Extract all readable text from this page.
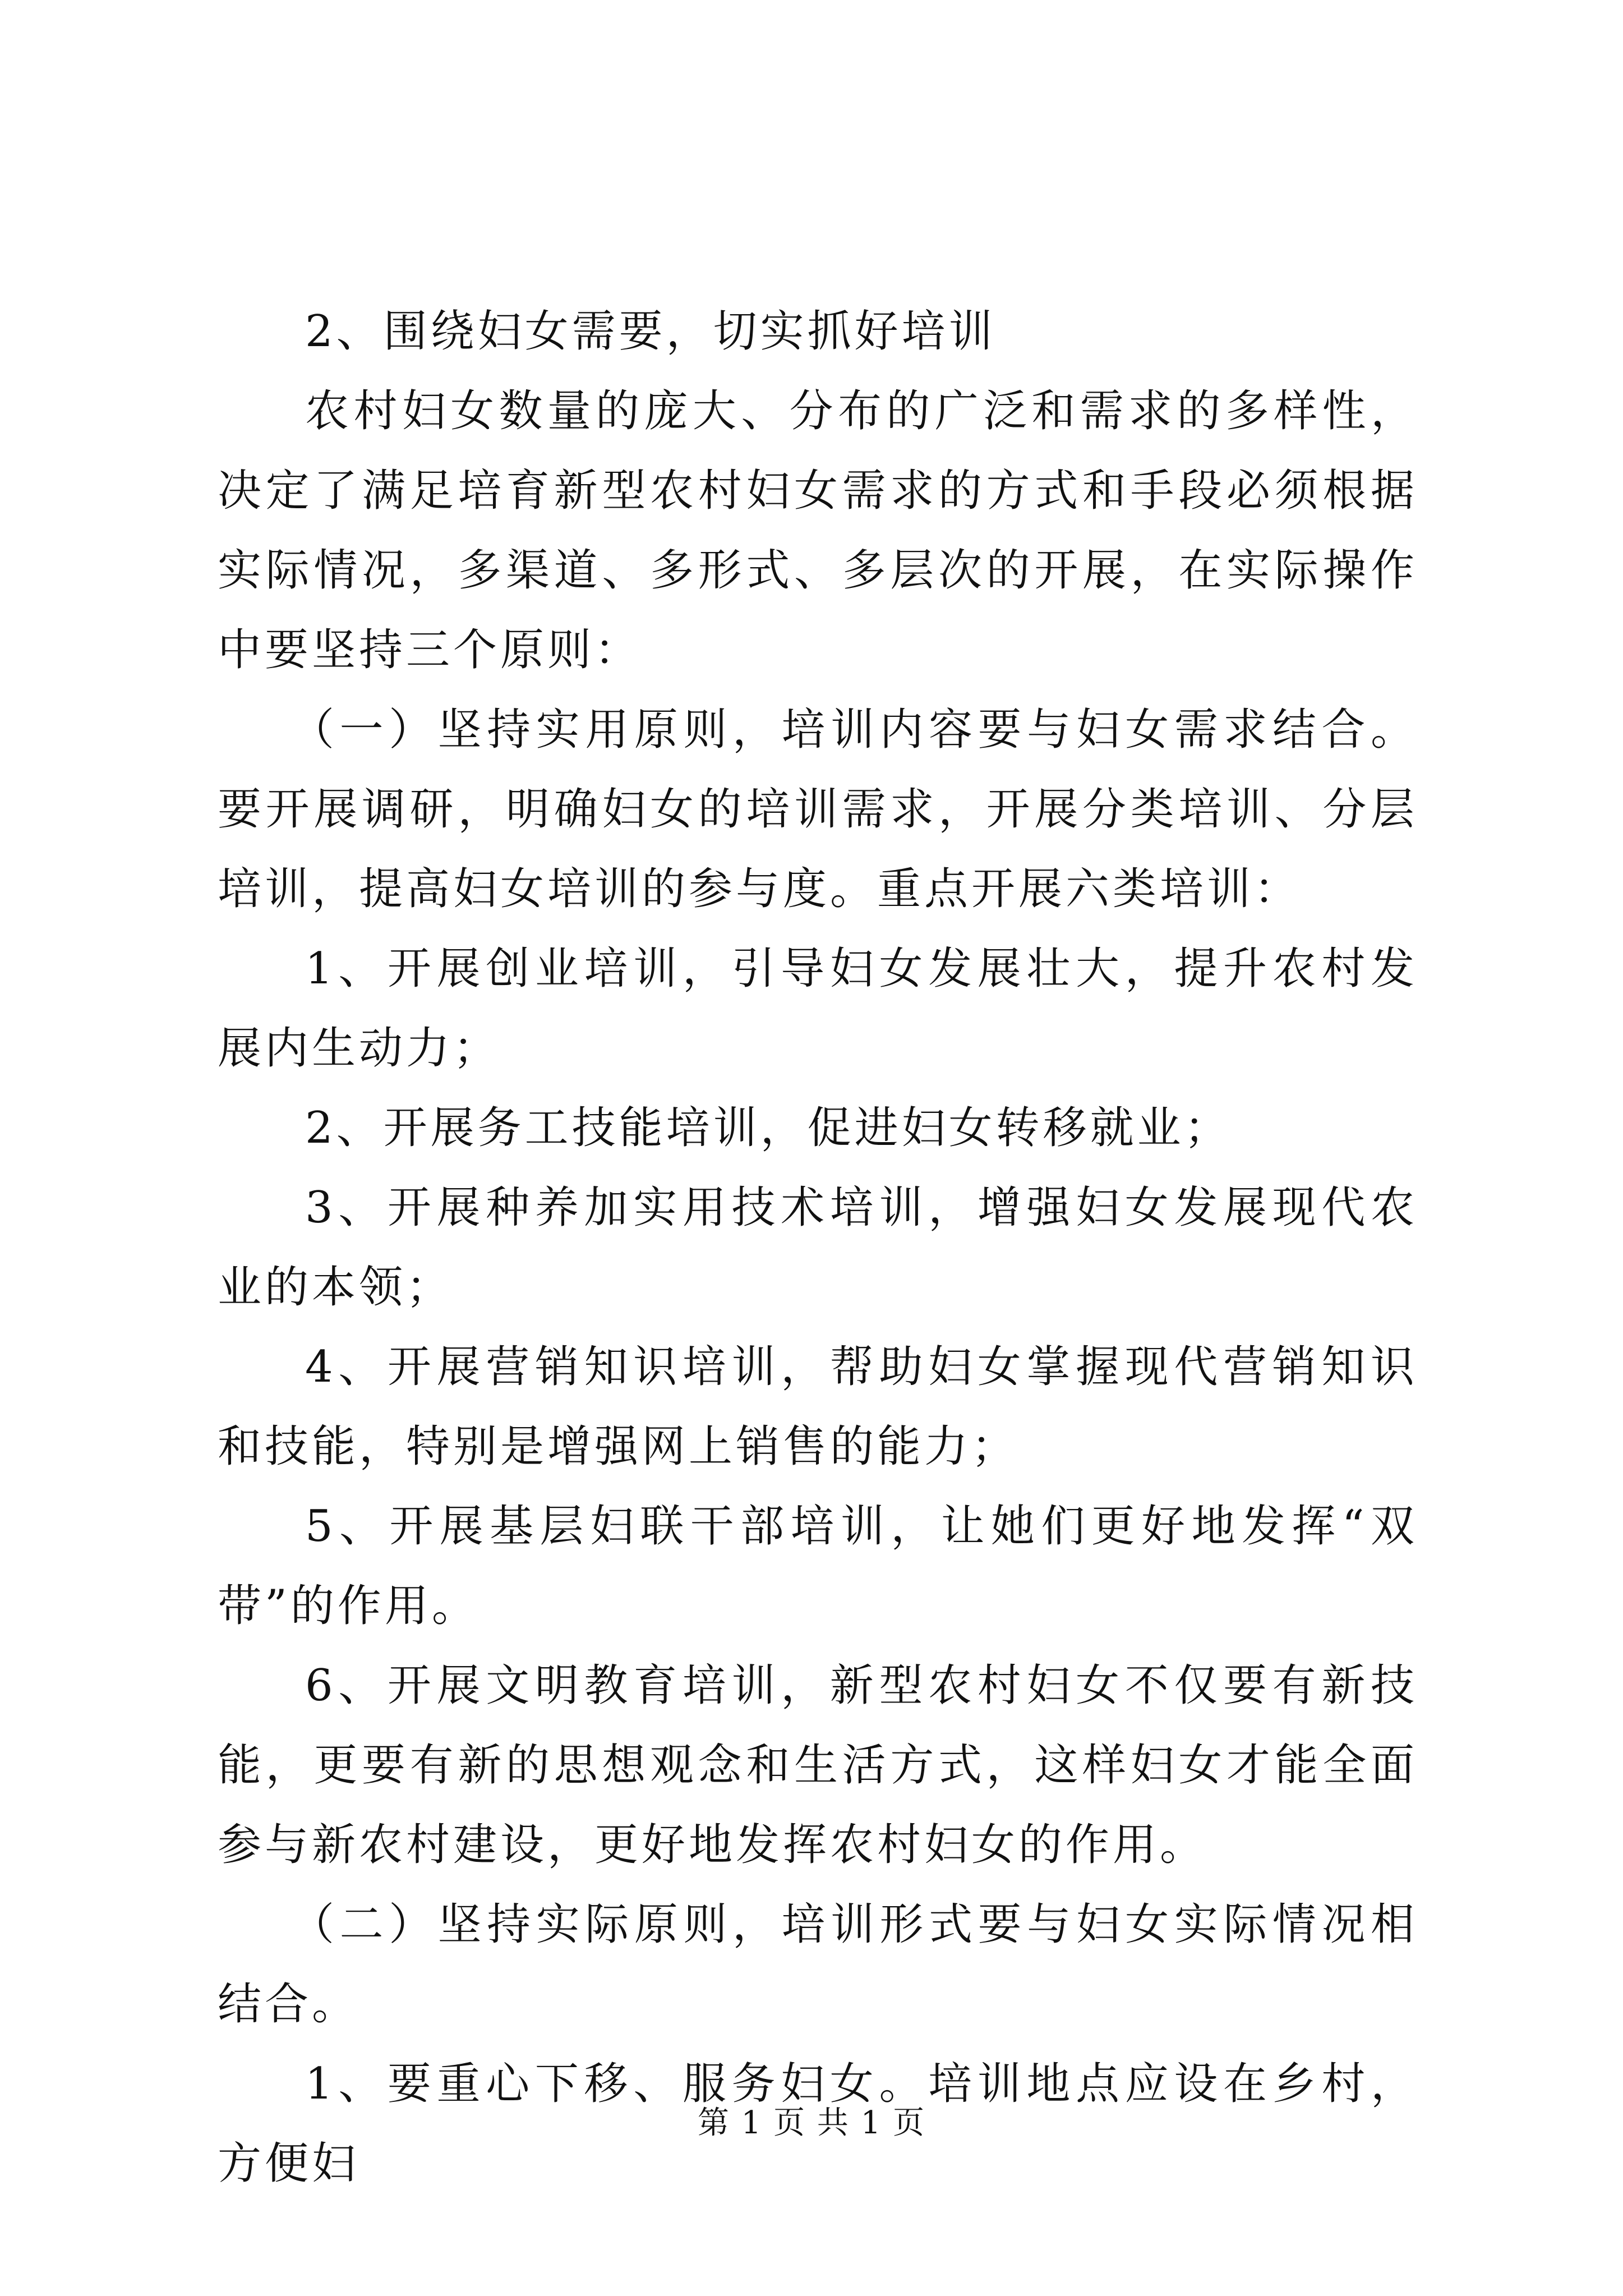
2、围绕妇女需要，切实抓好培训

农村妇女数量的庞大、分布的广泛和需求的多样性，决定了满足培育新型农村妇女需求的方式和手段必须根据实际情况，多渠道、多形式、多层次的开展，在实际操作中要坚持三个原则：

（一）坚持实用原则，培训内容要与妇女需求结合。要开展调研，明确妇女的培训需求，开展分类培训、分层培训，提高妇女培训的参与度。重点开展六类培训：

1、开展创业培训，引导妇女发展壮大，提升农村发展内生动力；

2、开展务工技能培训，促进妇女转移就业；

3、开展种养加实用技术培训，增强妇女发展现代农业的本领；

4、开展营销知识培训，帮助妇女掌握现代营销知识和技能，特别是增强网上销售的能力；

5、开展基层妇联干部培训，让她们更好地发挥“双带”的作用。

6、开展文明教育培训，新型农村妇女不仅要有新技能，更要有新的思想观念和生活方式，这样妇女才能全面参与新农村建设，更好地发挥农村妇女的作用。

（二）坚持实际原则，培训形式要与妇女实际情况相结合。

1、要重心下移、服务妇女。培训地点应设在乡村，方便妇

第 1 页 共 1 页
